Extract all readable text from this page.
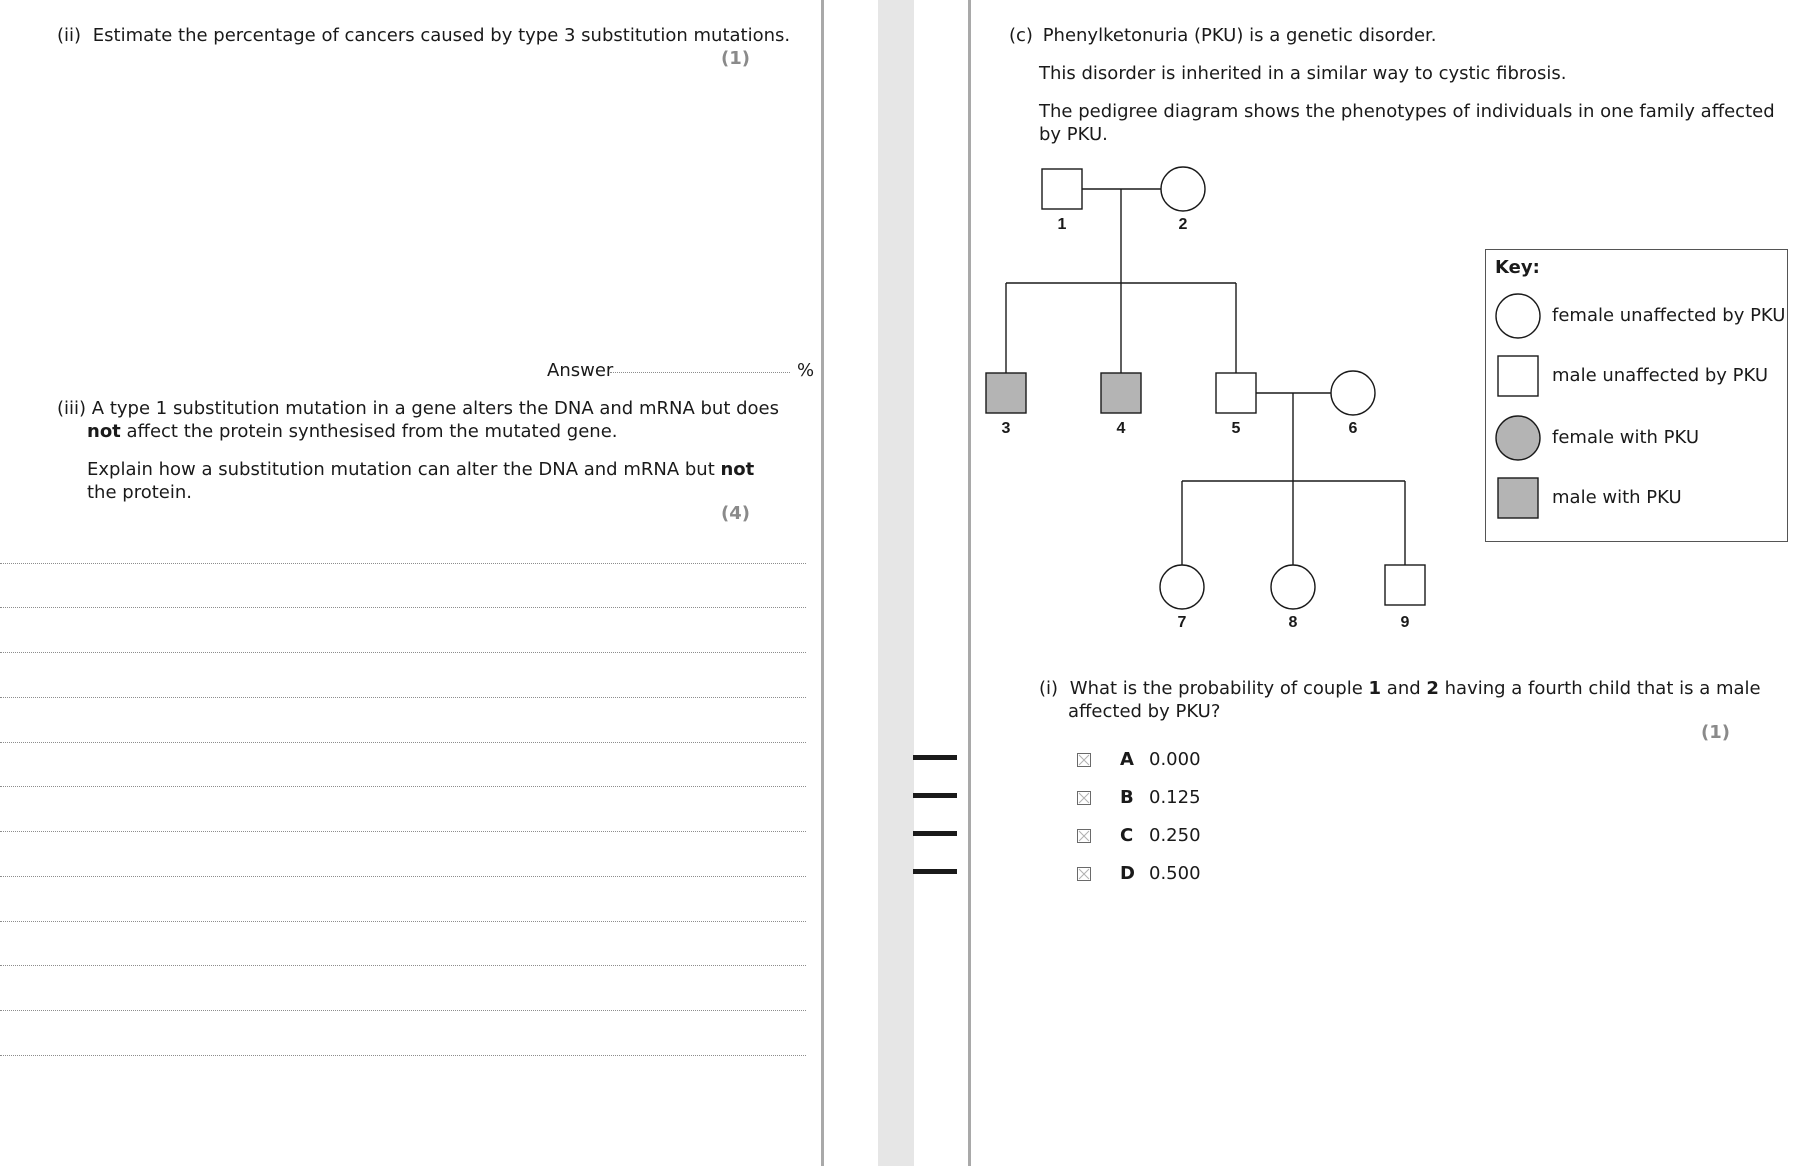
(ii) Estimate the percentage of cancers caused by type 3 substitution mutations.
(1)
Answer	%
(iii) A type 1 substitution mutation in a gene alters the DNA and mRNA but does
not affect the protein synthesised from the mutated gene.
Explain how a substitution mutation can alter the DNA and mRNA but not
the protein.
(4)
(c) Phenylketonuria (PKU) is a genetic disorder.
This disorder is inherited in a similar way to cystic fibrosis.
The pedigree diagram shows the phenotypes of individuals in one family affected
by PKU.
1	2
3	4	5	6
7	8	9
Key:
female unaffected by PKU
male unaffected by PKU
female with PKU
male with PKU
(i) What is the probability of couple 1 and 2 having a fourth child that is a male
affected by PKU?
(1)
A 0.000
B 0.125
C 0.250
D 0.500
